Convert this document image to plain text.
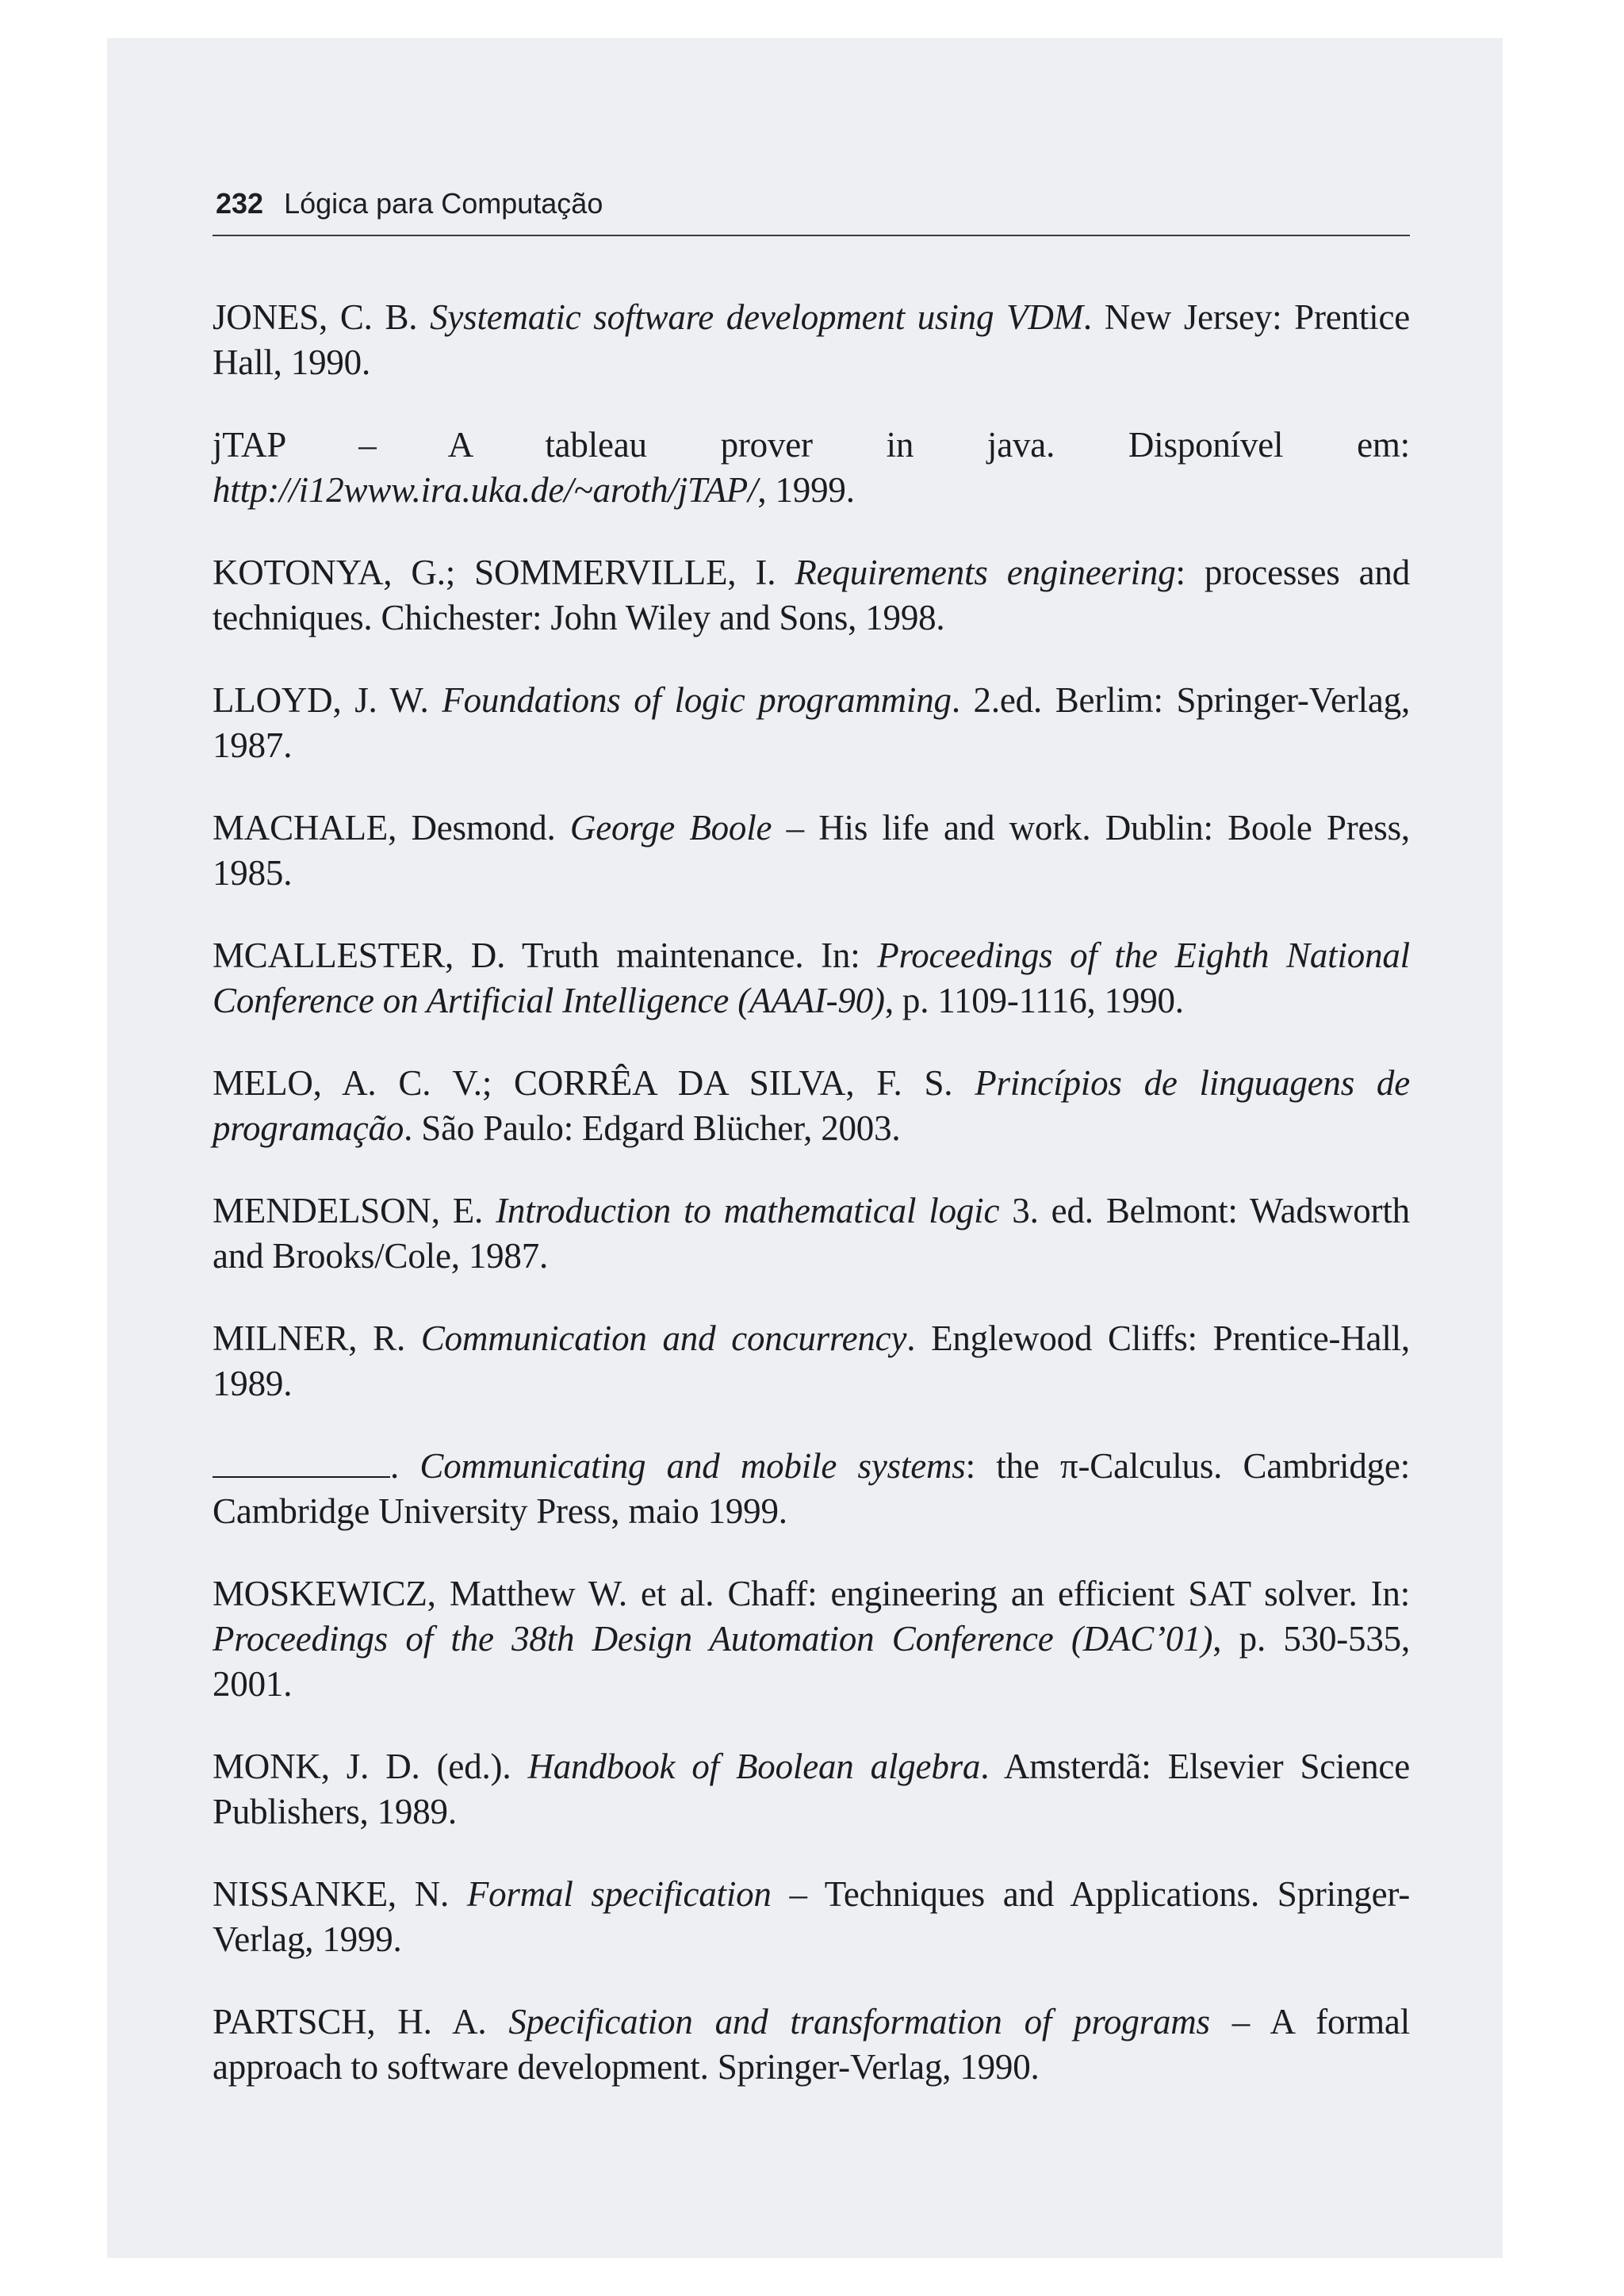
232 Lógica para Computação

JONES, C. B. Systematic software development using VDM. New Jersey: Prentice Hall, 1990.

jTAP – A tableau prover in java. Disponível em: http://i12www.ira.uka.de/~aroth/jTAP/, 1999.

KOTONYA, G.; SOMMERVILLE, I. Requirements engineering: processes and techniques. Chichester: John Wiley and Sons, 1998.

LLOYD, J. W. Foundations of logic programming. 2.ed. Berlim: Springer-Verlag, 1987.

MACHALE, Desmond. George Boole – His life and work. Dublin: Boole Press, 1985.

MCALLESTER, D. Truth maintenance. In: Proceedings of the Eighth National Conference on Artificial Intelligence (AAAI-90), p. 1109-1116, 1990.

MELO, A. C. V.; CORRÊA DA SILVA, F. S. Princípios de linguagens de programação. São Paulo: Edgard Blücher, 2003.

MENDELSON, E. Introduction to mathematical logic 3. ed. Belmont: Wadsworth and Brooks/Cole, 1987.

MILNER, R. Communication and concurrency. Englewood Cliffs: Prentice-Hall, 1989.

. Communicating and mobile systems: the π-Calculus. Cambridge: Cambridge University Press, maio 1999.

MOSKEWICZ, Matthew W. et al. Chaff: engineering an efficient SAT solver. In: Proceedings of the 38th Design Automation Conference (DAC’01), p. 530-535, 2001.

MONK, J. D. (ed.). Handbook of Boolean algebra. Amsterdã: Elsevier Science Publishers, 1989.

NISSANKE, N. Formal specification – Techniques and Applications. Springer-Verlag, 1999.

PARTSCH, H. A. Specification and transformation of programs – A formal approach to software development. Springer-Verlag, 1990.
